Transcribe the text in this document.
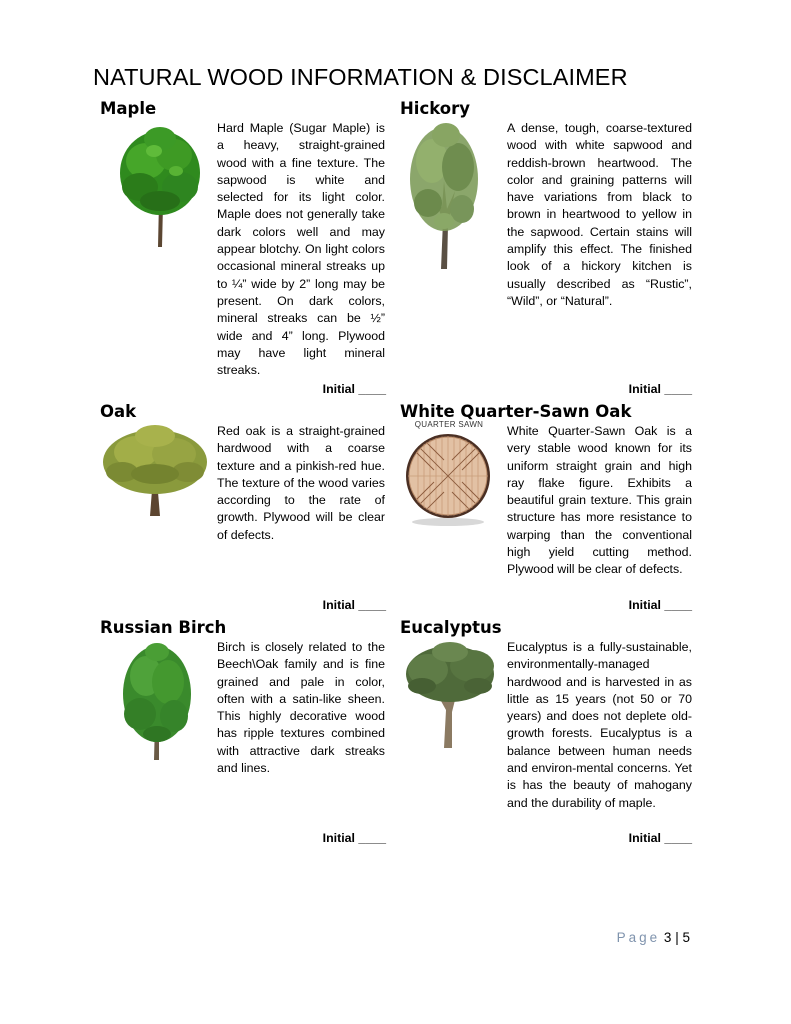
NATURAL WOOD INFORMATION & DISCLAIMER
Maple
Hard Maple (Sugar Maple) is a heavy, straight-grained wood with a fine texture. The sapwood is white and selected for its light color. Maple does not generally take dark colors well and may appear blotchy. On light colors occasional mineral streaks up to ¼” wide by 2” long may be present. On dark colors, mineral streaks can be ½” wide and 4” long. Plywood may have light mineral streaks.
Initial ____
Hickory
A dense, tough, coarse-textured wood with white sapwood and reddish-brown heartwood. The color and graining patterns will have variations from black to brown in heartwood to yellow in the sapwood. Certain stains will amplify this effect. The finished look of a hickory kitchen is usually described as “Rustic”, “Wild”, or “Natural”.
Initial ____
Oak
Red oak is a straight-grained hardwood with a coarse texture and a pinkish-red hue. The texture of the wood varies according to the rate of growth. Plywood will be clear of defects.
Initial ____
White Quarter-Sawn Oak
QUARTER SAWN White Quarter-Sawn Oak is a very stable wood known for its uniform straight grain and high ray flake figure. Exhibits a beautiful grain texture. This grain structure has more resistance to warping than the conventional high yield cutting method. Plywood will be clear of defects.
Initial ____
Russian Birch
Birch is closely related to the Beech\Oak family and is fine grained and pale in color, often with a satin-like sheen. This highly decorative wood has ripple textures combined with attractive dark streaks and lines.
Initial ____
Eucalyptus
Eucalyptus is a fully-sustainable, environmentally-managed hardwood and is harvested in as little as 15 years (not 50 or 70 years) and does not deplete old-growth forests. Eucalyptus is a balance between human needs and environ-mental concerns. Yet is has the beauty of mahogany and the durability of maple.
Initial ____
Page 3 | 5
